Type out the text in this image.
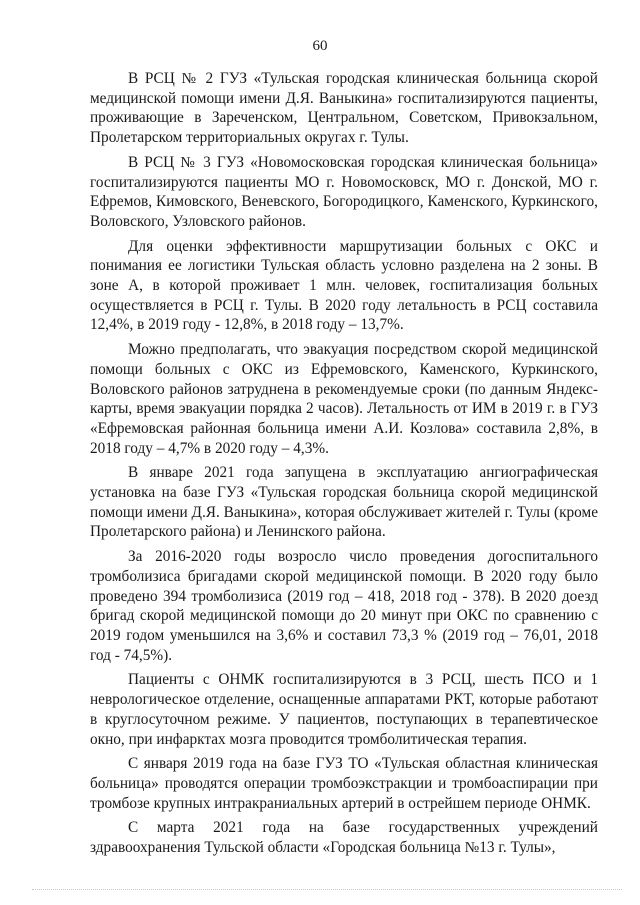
60

В РСЦ № 2 ГУЗ «Тульская городская клиническая больница скорой медицинской помощи имени Д.Я. Ваныкина» госпитализируются пациенты, проживающие в Зареченском, Центральном, Советском, Привокзальном, Пролетарском территориальных округах г. Тулы.

В РСЦ № 3 ГУЗ «Новомосковская городская клиническая больница» госпитализируются пациенты МО г. Новомосковск, МО г. Донской, МО г. Ефремов, Кимовского, Веневского, Богородицкого, Каменского, Куркинского, Воловского, Узловского районов.

Для оценки эффективности маршрутизации больных с ОКС и понимания ее логистики Тульская область условно разделена на 2 зоны. В зоне А, в которой проживает 1 млн. человек, госпитализация больных осуществляется в РСЦ г. Тулы. В 2020 году летальность в РСЦ составила 12,4%, в 2019 году - 12,8%, в 2018 году – 13,7%.

Можно предполагать, что эвакуация посредством скорой медицинской помощи больных с ОКС из Ефремовского, Каменского, Куркинского, Воловского районов затруднена в рекомендуемые сроки (по данным Яндекс-карты, время эвакуации порядка 2 часов). Летальность от ИМ в 2019 г. в ГУЗ «Ефремовская районная больница имени А.И. Козлова» составила 2,8%, в 2018 году – 4,7% в 2020 году – 4,3%.

В январе 2021 года запущена в эксплуатацию ангиографическая установка на базе ГУЗ «Тульская городская больница скорой медицинской помощи имени Д.Я. Ваныкина», которая обслуживает жителей г. Тулы (кроме Пролетарского района) и Ленинского района.

За 2016-2020 годы возросло число проведения догоспитального тромболизиса бригадами скорой медицинской помощи. В 2020 году было проведено 394 тромболизиса (2019 год – 418, 2018 год - 378). В 2020 доезд бригад скорой медицинской помощи до 20 минут при ОКС по сравнению с 2019 годом уменьшился на 3,6% и составил 73,3 % (2019 год – 76,01, 2018 год - 74,5%).

Пациенты с ОНМК госпитализируются в 3 РСЦ, шесть ПСО и 1 неврологическое отделение, оснащенные аппаратами РКТ, которые работают в круглосуточном режиме. У пациентов, поступающих в терапевтическое окно, при инфарктах мозга проводится тромболитическая терапия.

С января 2019 года на базе ГУЗ ТО «Тульская областная клиническая больница» проводятся операции тромбоэкстракции и тромбоаспирации при тромбозе крупных интракраниальных артерий в острейшем периоде ОНМК.

С марта 2021 года на базе государственных учреждений здравоохранения Тульской области «Городская больница №13 г. Тулы»,
